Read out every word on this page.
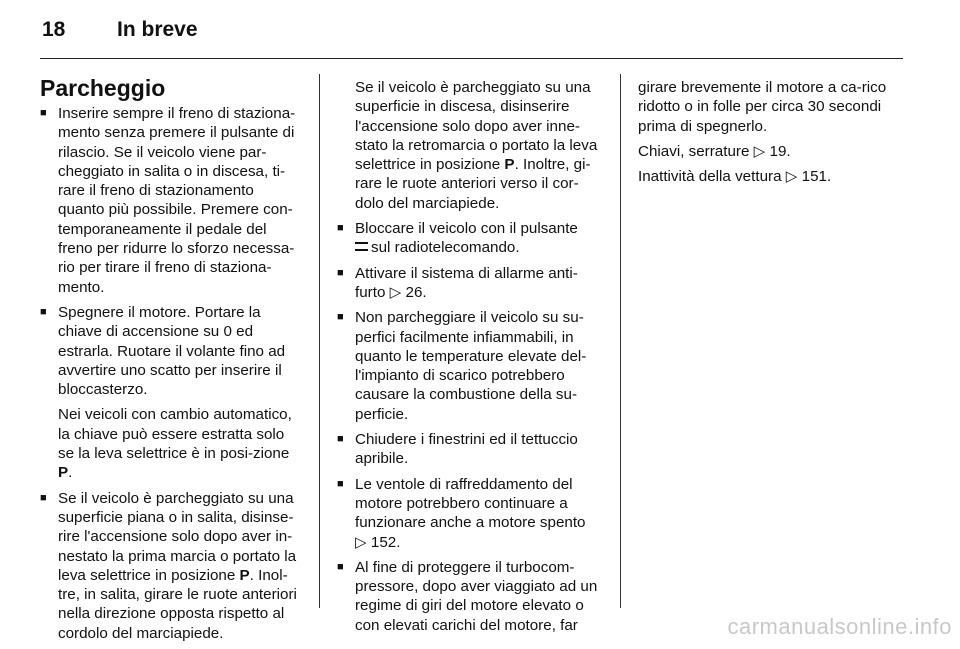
18 In breve
Parcheggio
■ Inserire sempre il freno di staziona-mento senza premere il pulsante di rilascio. Se il veicolo viene par-cheggiato in salita o in discesa, ti-rare il freno di stazionamento quanto più possibile. Premere con-temporaneamente il pedale del freno per ridurre lo sforzo necessa-rio per tirare il freno di staziona-mento.
■ Spegnere il motore. Portare la chiave di accensione su 0 ed estrarla. Ruotare il volante fino ad avvertire uno scatto per inserire il bloccasterzo.
Nei veicoli con cambio automatico, la chiave può essere estratta solo se la leva selettrice è in posi-zione P.
■ Se il veicolo è parcheggiato su una superficie piana o in salita, disinse-rire l'accensione solo dopo aver in-nestato la prima marcia o portato la leva selettrice in posizione P. Inol-tre, in salita, girare le ruote anteriori nella direzione opposta rispetto al cordolo del marciapiede.
Se il veicolo è parcheggiato su una superficie in discesa, disinserire l'accensione solo dopo aver inne-stato la retromarcia o portato la leva selettrice in posizione P. Inoltre, gi-rare le ruote anteriori verso il cor-dolo del marciapiede.
■ Bloccare il veicolo con il pulsante
sul radiotelecomando.
■ Attivare il sistema di allarme anti-furto ▷ 26.
■ Non parcheggiare il veicolo su su-perfici facilmente infiammabili, in quanto le temperature elevate del-l'impianto di scarico potrebbero causare la combustione della su-perficie.
■ Chiudere i finestrini ed il tettuccio apribile.
■ Le ventole di raffreddamento del motore potrebbero continuare a funzionare anche a motore spento
▷ 152.
■ Al fine di proteggere il turbocom-pressore, dopo aver viaggiato ad un regime di giri del motore elevato o con elevati carichi del motore, far

girare brevemente il motore a ca-rico ridotto o in folle per circa 30 secondi prima di spegnerlo.

Chiavi, serrature ▷ 19.

Inattività della vettura ▷ 151.

carmanualsonline.info
